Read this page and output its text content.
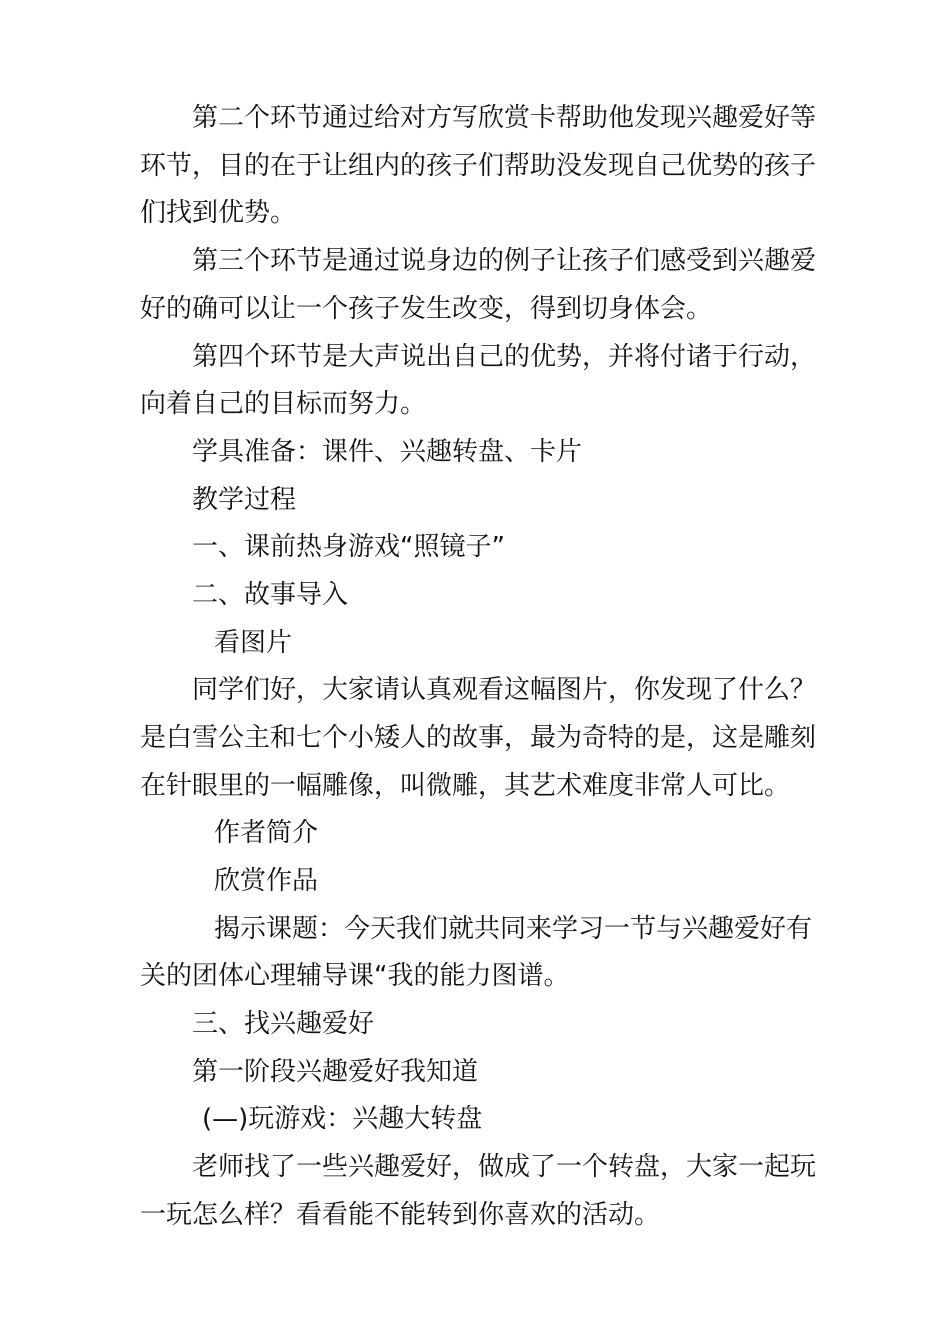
第二个环节通过给对方写欣赏卡帮助他发现兴趣爱好等
环节，目的在于让组内的孩子们帮助没发现自己优势的孩子
们找到优势。
第三个环节是通过说身边的例子让孩子们感受到兴趣爱
好的确可以让一个孩子发生改变，得到切身体会。
第四个环节是大声说出自己的优势，并将付诸于行动，
向着自己的目标而努力。
学具准备：课件、兴趣转盘、卡片
教学过程
一、课前热身游戏“照镜子”
二、故事导入
看图片
同学们好，大家请认真观看这幅图片，你发现了什么？
是白雪公主和七个小矮人的故事，最为奇特的是，这是雕刻
在针眼里的一幅雕像，叫微雕，其艺术难度非常人可比。
作者简介
欣赏作品
揭示课题：今天我们就共同来学习一节与兴趣爱好有
关的团体心理辅导课“我的能力图谱。
三、找兴趣爱好
第一阶段兴趣爱好我知道
(—)玩游戏：兴趣大转盘
老师找了一些兴趣爱好，做成了一个转盘，大家一起玩
一玩怎么样？看看能不能转到你喜欢的活动。
